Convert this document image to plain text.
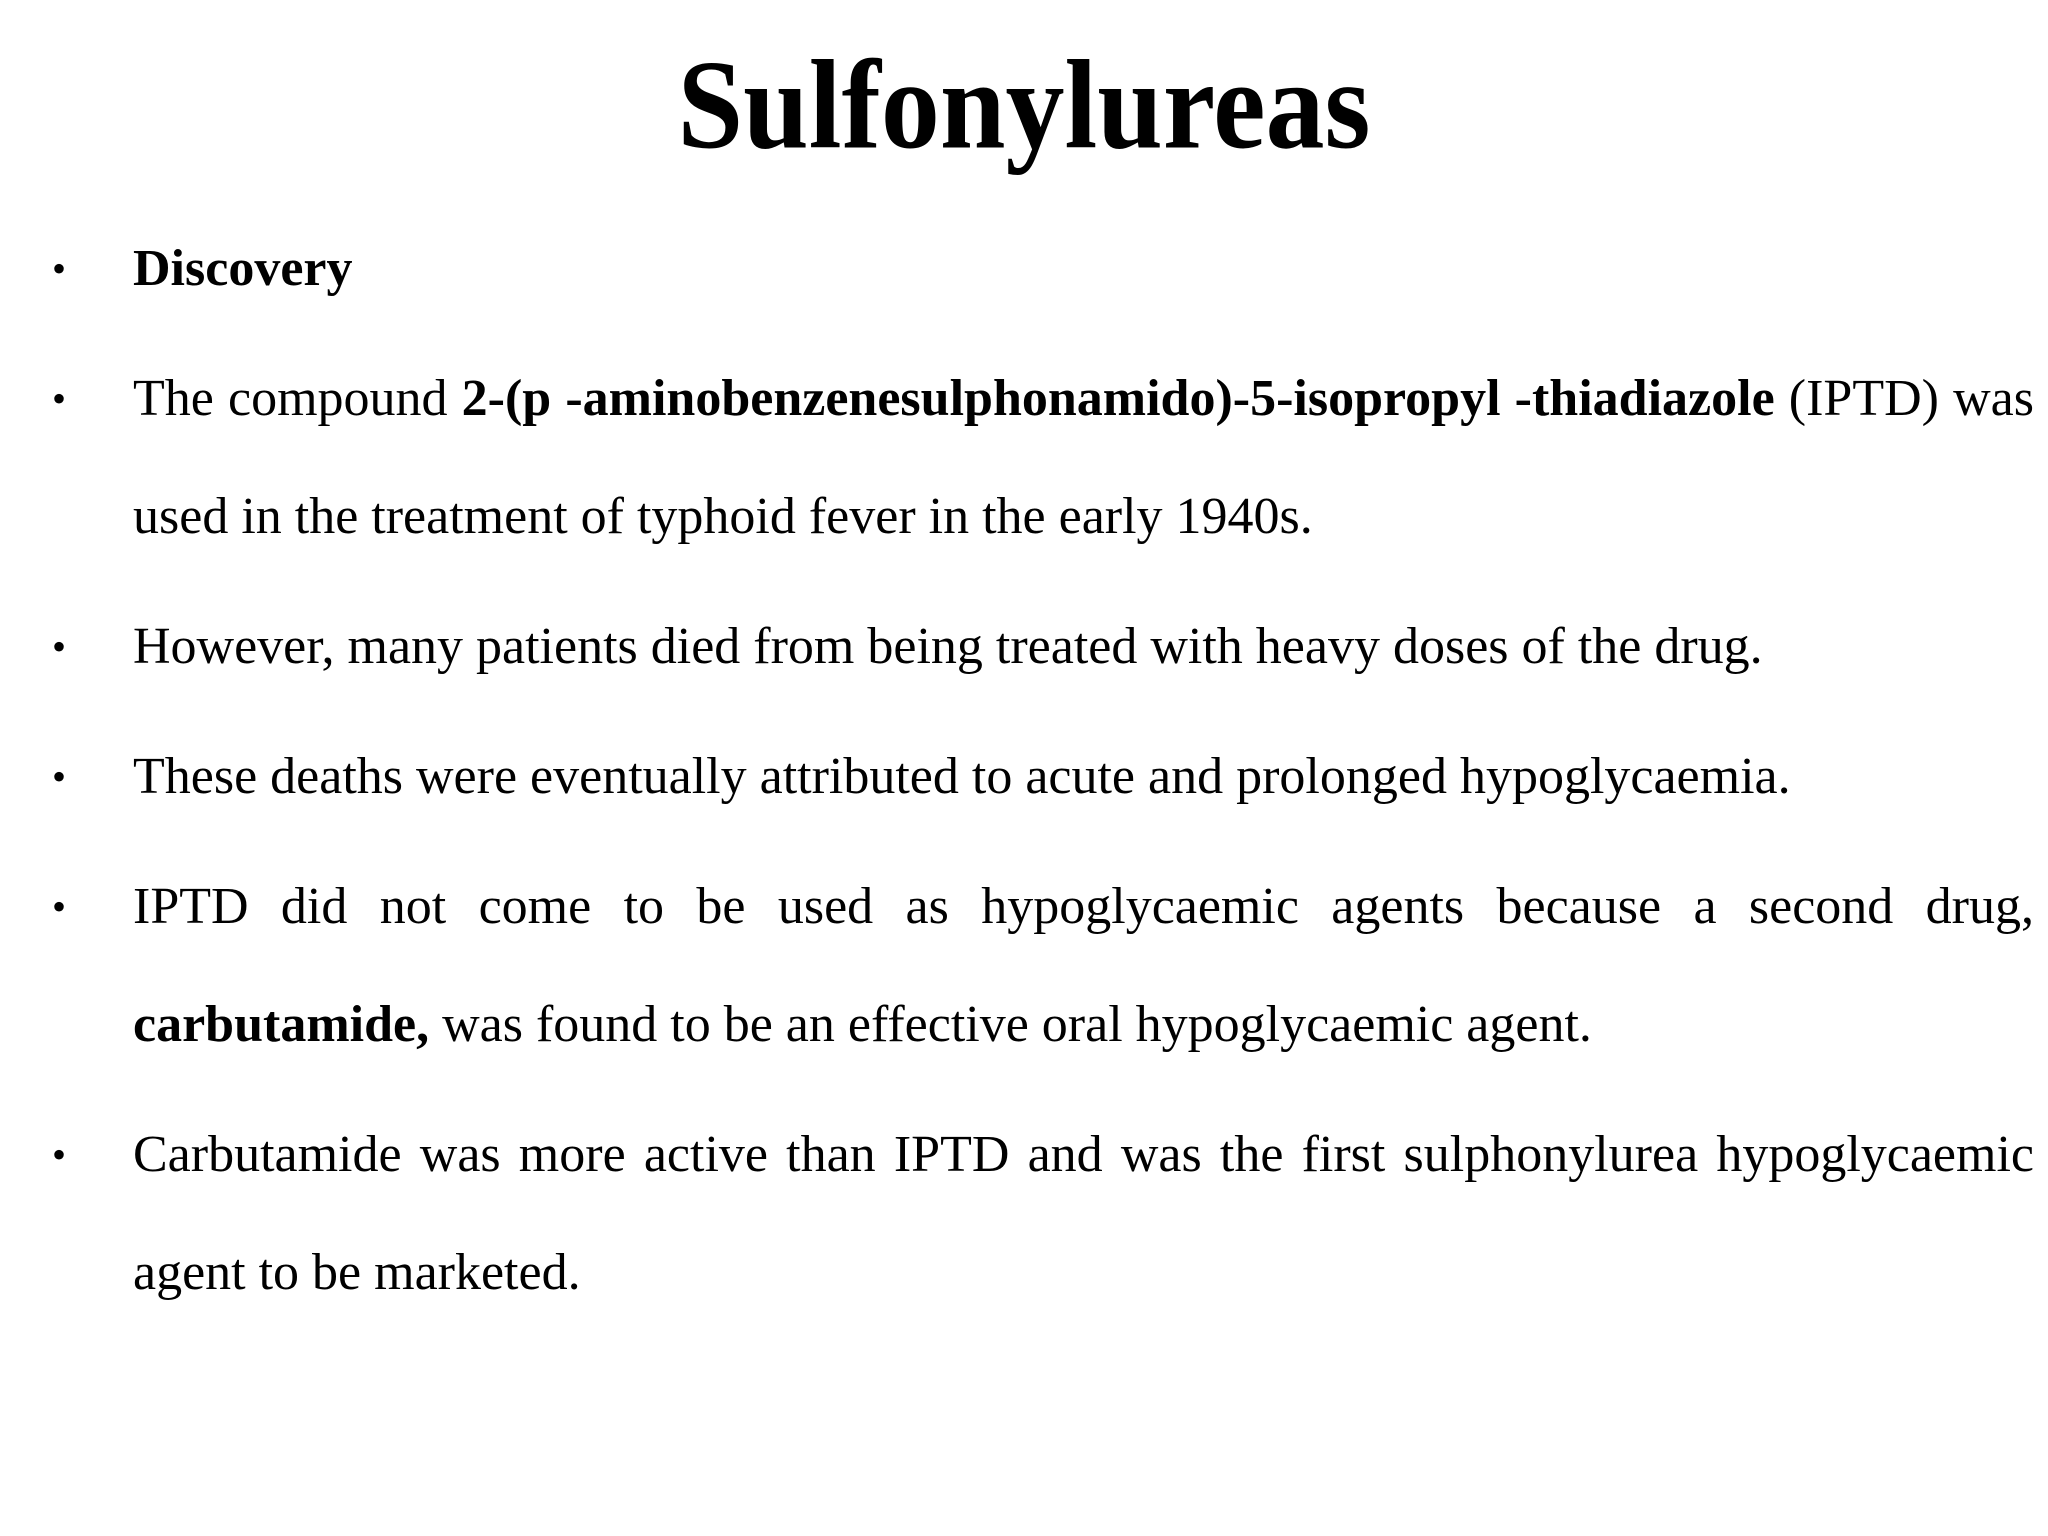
Sulfonylureas
•	Discovery
•	The compound 2-(p -aminobenzenesulphonamido)-5-isopropyl -thiadiazole (IPTD) was used in the treatment of typhoid fever in the early 1940s.
•	However, many patients died from being treated with heavy doses of the drug.
•	These deaths were eventually attributed to acute and prolonged hypoglycaemia.
•	IPTD did not come to be used as hypoglycaemic agents because a second drug, carbutamide, was found to be an effective oral hypoglycaemic agent.
•	Carbutamide was more active than IPTD and was the first sulphonylurea hypoglycaemic agent to be marketed.
